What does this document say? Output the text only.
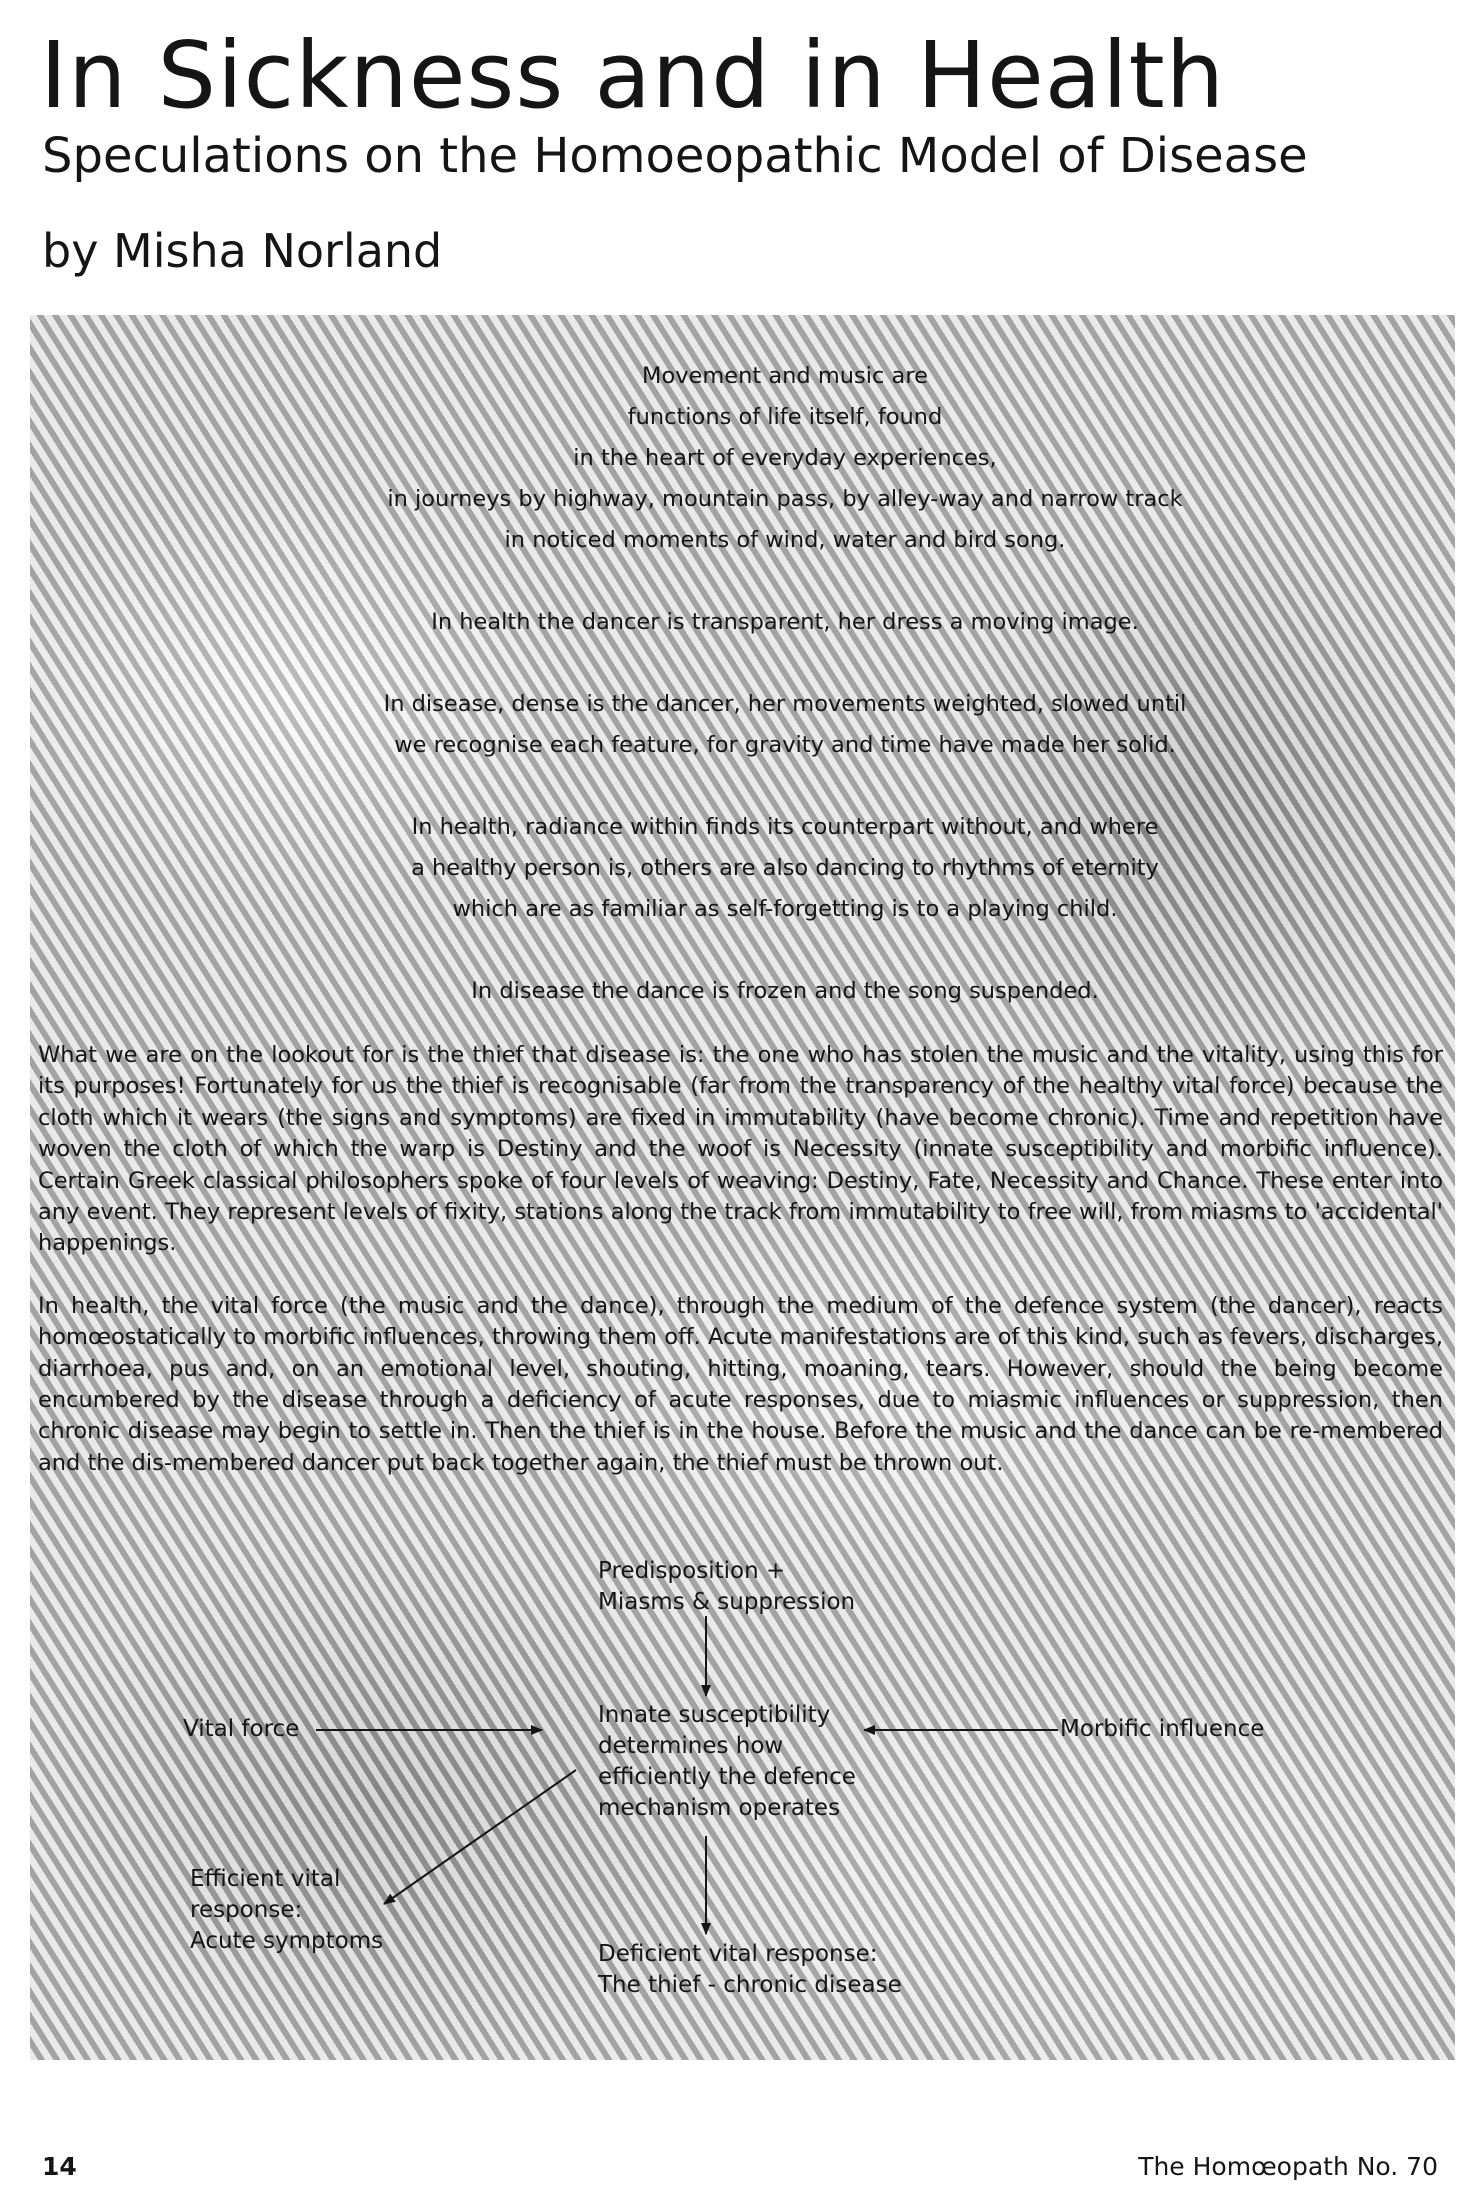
In Sickness and in Health
Speculations on the Homoeopathic Model of Disease
by Misha Norland
Movement and music are
functions of life itself, found
in the heart of everyday experiences,
in journeys by highway, mountain pass, by alley-way and narrow track
in noticed moments of wind, water and bird song.
In health the dancer is transparent, her dress a moving image.
In disease, dense is the dancer, her movements weighted, slowed until
we recognise each feature, for gravity and time have made her solid.
In health, radiance within finds its counterpart without, and where
a healthy person is, others are also dancing to rhythms of eternity
which are as familiar as self-forgetting is to a playing child.
In disease the dance is frozen and the song suspended.

What we are on the lookout for is the thief that disease is: the one who has stolen the music and the vitality, using this for its purposes! Fortunately for us the thief is recognisable (far from the transparency of the healthy vital force) because the cloth which it wears (the signs and symptoms) are fixed in immutability (have become chronic). Time and repetition have woven the cloth of which the warp is Destiny and the woof is Necessity (innate susceptibility and morbific influence). Certain Greek classical philosophers spoke of four levels of weaving: Destiny, Fate, Necessity and Chance. These enter into any event. They represent levels of fixity, stations along the track from immutability to free will, from miasms to 'accidental' happenings.

In health, the vital force (the music and the dance), through the medium of the defence system (the dancer), reacts homœostatically to morbific influences, throwing them off. Acute manifestations are of this kind, such as fevers, discharges, diarrhoea, pus and, on an emotional level, shouting, hitting, moaning, tears. However, should the being become encumbered by the disease through a deficiency of acute responses, due to miasmic influences or suppression, then chronic disease may begin to settle in. Then the thief is in the house. Before the music and the dance can be re-membered and the dis-membered dancer put back together again, the thief must be thrown out.

Predisposition +
Miasms & suppression
Innate susceptibility
determines how
efficiently the defence
mechanism operates
Vital force	Morbific influence
Efficient vital
response:
Acute symptoms	Deficient vital response:
The thief - chronic disease
14	The Homœopath No. 70
